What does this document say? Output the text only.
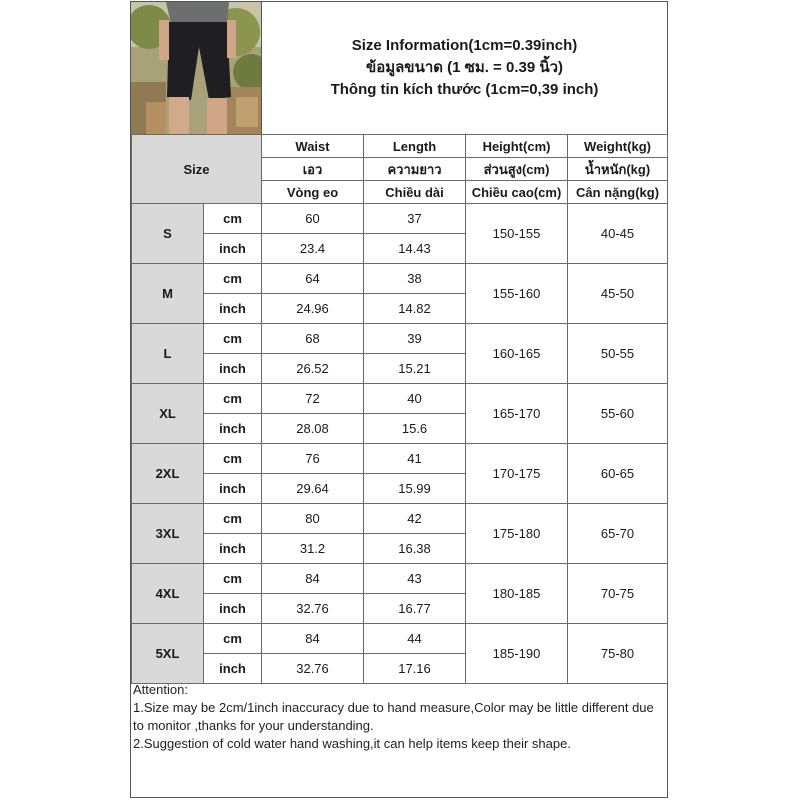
Size Information(1cm=0.39inch)
ข้อมูลขนาด (1 ซม. = 0.39 นิ้ว)
Thông tin kích thước (1cm=0,39 inch)
Size		Waist	Length	Height(cm)	Weight(kg)
		เอว	ความยาว	ส่วนสูง(cm)	น้ำหนัก(kg)
		Vòng eo	Chiều dài	Chiều cao(cm)	Cân nặng(kg)
S	cm	60	37	150-155	40-45
	inch	23.4	14.43		
M	cm	64	38	155-160	45-50
	inch	24.96	14.82		
L	cm	68	39	160-165	50-55
	inch	26.52	15.21		
XL	cm	72	40	165-170	55-60
	inch	28.08	15.6		
2XL	cm	76	41	170-175	60-65
	inch	29.64	15.99		
3XL	cm	80	42	175-180	65-70
	inch	31.2	16.38		
4XL	cm	84	43	180-185	70-75
	inch	32.76	16.77		
5XL	cm	84	44	185-190	75-80
	inch	32.76	17.16		

Attention:

1.Size may be 2cm/1inch inaccuracy due to hand measure,Color may be little different due to monitor ,thanks for your understanding.

2.Suggestion of cold water hand washing,it can help items keep their shape.
